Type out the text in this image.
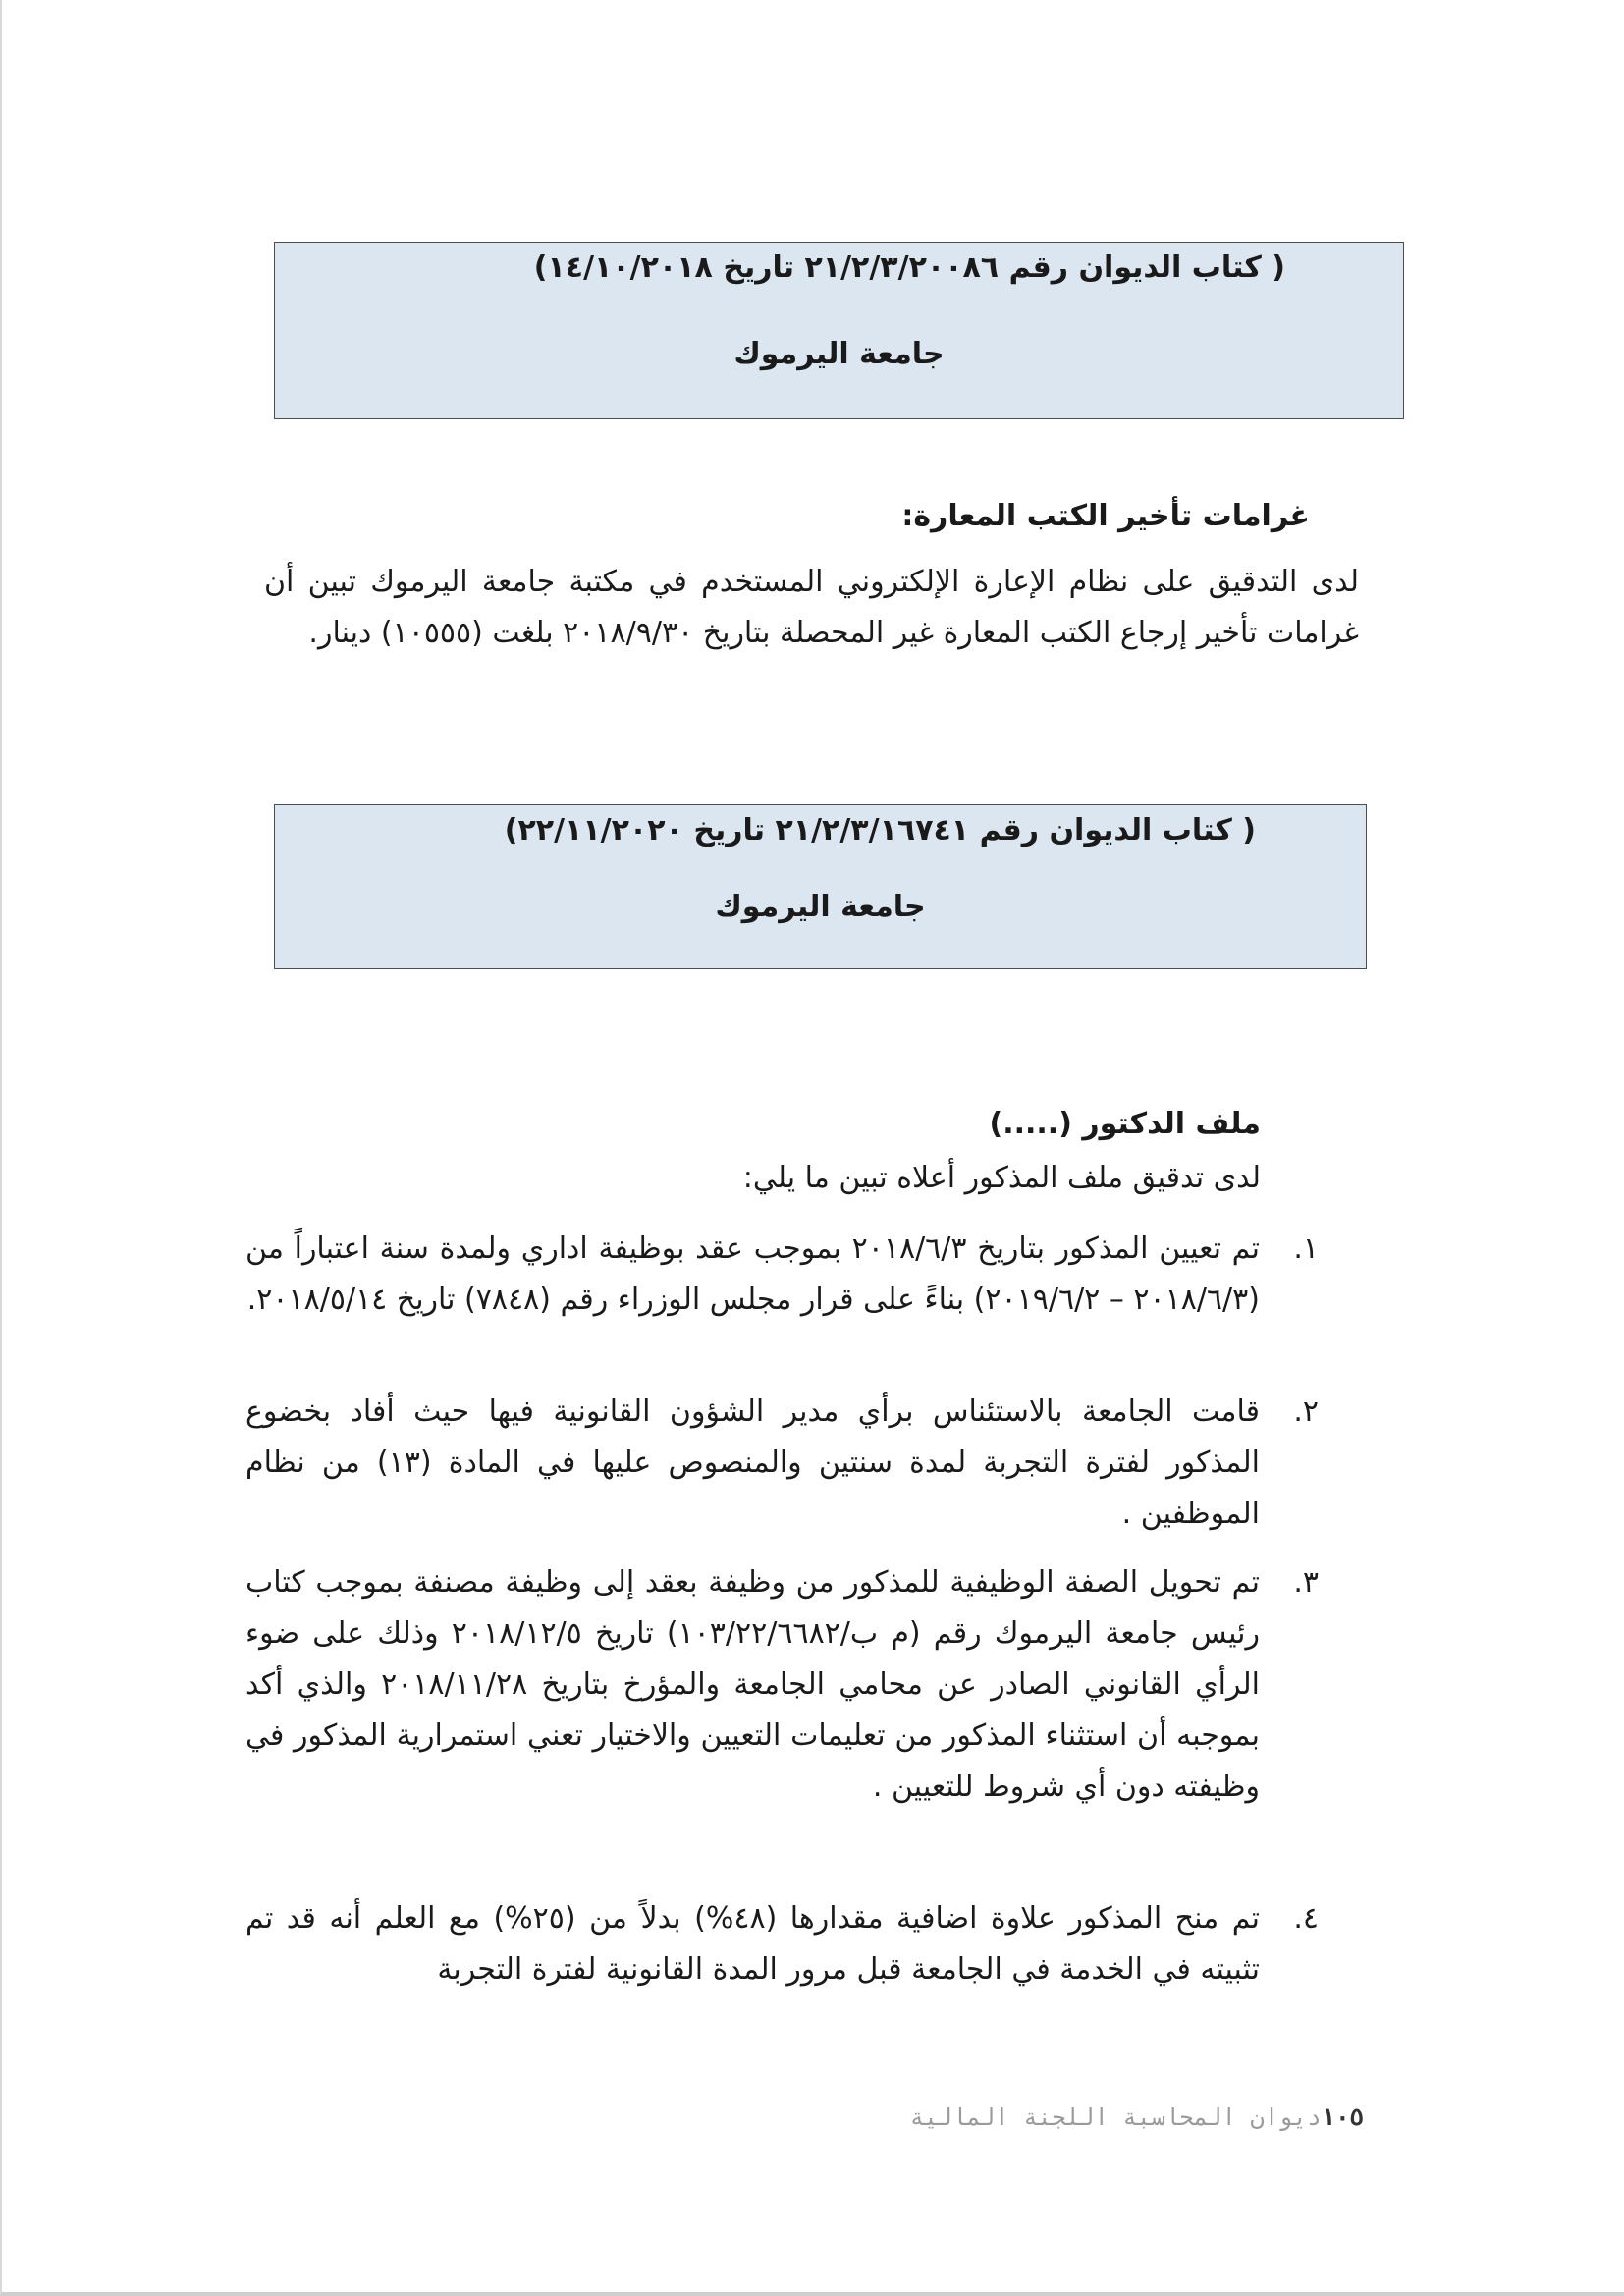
( كتاب الديوان رقم ٢١/٢/٣/٢٠٠٨٦ تاريخ ١٤/١٠/٢٠١٨)
جامعة اليرموك
غرامات تأخير الكتب المعارة:
لدى التدقيق على نظام الإعارة الإلكتروني المستخدم في مكتبة جامعة اليرموك تبين أن غرامات تأخير إرجاع الكتب المعارة غير المحصلة بتاريخ ٢٠١٨/٩/٣٠ بلغت (١٠٥٥٥) دينار.
( كتاب الديوان رقم ٢١/٢/٣/١٦٧٤١ تاريخ ٢٢/١١/٢٠٢٠)
جامعة اليرموك
ملف الدكتور (.....)
لدى تدقيق ملف المذكور أعلاه تبين ما يلي:
١.
تم تعيين المذكور بتاريخ ٢٠١٨/٦/٣ بموجب عقد بوظيفة اداري ولمدة سنة اعتباراً من (٢٠١٨/٦/٣ – ٢٠١٩/٦/٢) بناءً على قرار مجلس الوزراء رقم (٧٨٤٨) تاريخ ٢٠١٨/٥/١٤.
٢.
قامت الجامعة بالاستئناس برأي مدير الشؤون القانونية فيها حيث أفاد بخضوع المذكور لفترة التجربة لمدة سنتين والمنصوص عليها في المادة (١٣) من نظام الموظفين .
٣.
تم تحويل الصفة الوظيفية للمذكور من وظيفة بعقد إلى وظيفة مصنفة بموجب كتاب رئيس جامعة اليرموك رقم (م ب/١٠٣/٢٢/٦٦٨٢) تاريخ ٢٠١٨/١٢/٥ وذلك على ضوء الرأي القانوني الصادر عن محامي الجامعة والمؤرخ بتاريخ ٢٠١٨/١١/٢٨ والذي أكد بموجبه أن استثناء المذكور من تعليمات التعيين والاختيار تعني استمرارية المذكور في وظيفته دون أي شروط للتعيين .
٤.
تم منح المذكور علاوة اضافية مقدارها (٤٨%) بدلاً من (٢٥%) مع العلم أنه قد تم تثبيته في الخدمة في الجامعة قبل مرور المدة القانونية لفترة التجربة
١٠٥ديوان المحاسبة اللجنة المالية
